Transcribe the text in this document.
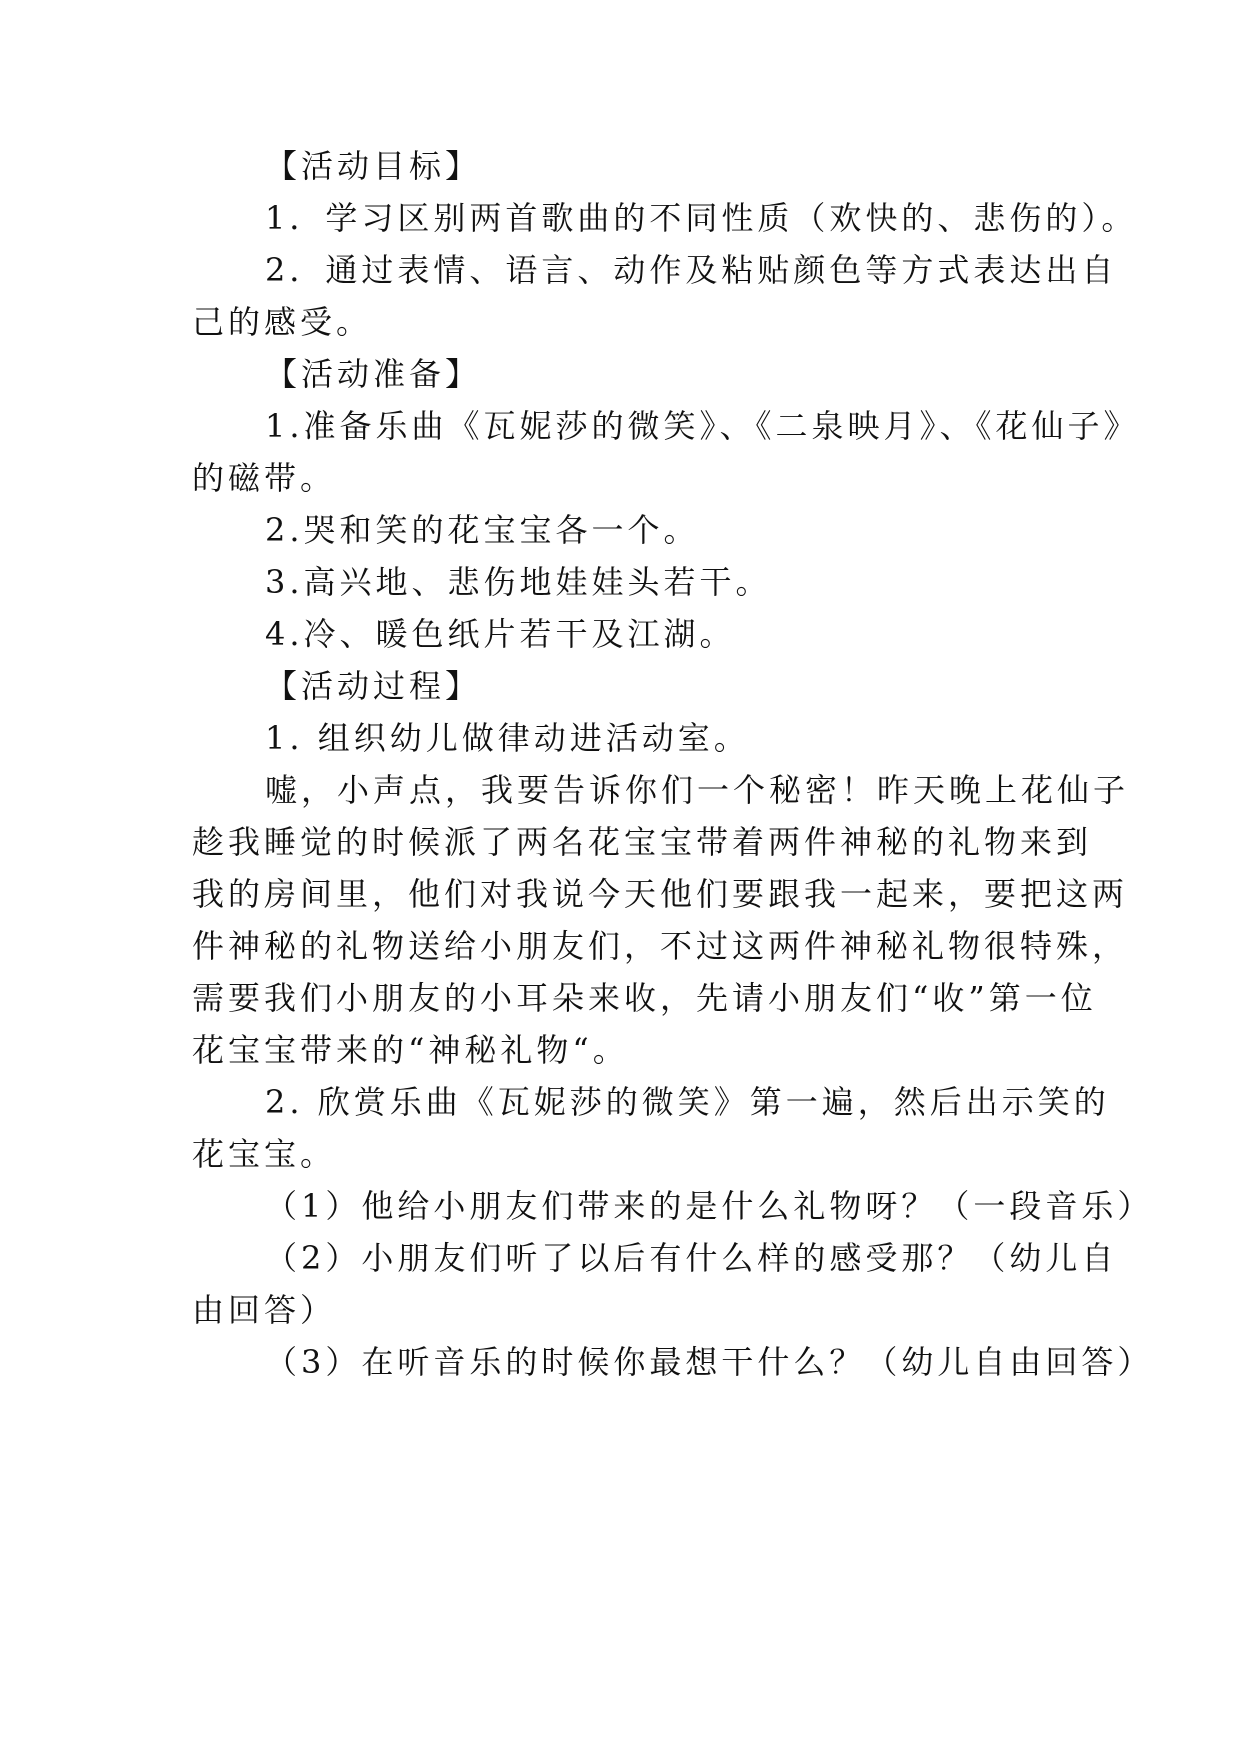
【活动目标】
1．学习区别两首歌曲的不同性质（欢快的、悲伤的）。
2．通过表情、语言、动作及粘贴颜色等方式表达出自
己的感受。
【活动准备】
1.准备乐曲《瓦妮莎的微笑》、《二泉映月》、《花仙子》
的磁带。
2.哭和笑的花宝宝各一个。
3.高兴地、悲伤地娃娃头若干。
4.冷、暖色纸片若干及江湖。
【活动过程】
1. 组织幼儿做律动进活动室。
嘘，小声点，我要告诉你们一个秘密！昨天晚上花仙子
趁我睡觉的时候派了两名花宝宝带着两件神秘的礼物来到
我的房间里，他们对我说今天他们要跟我一起来，要把这两
件神秘的礼物送给小朋友们，不过这两件神秘礼物很特殊，
需要我们小朋友的小耳朵来收，先请小朋友们“收”第一位
花宝宝带来的“神秘礼物“。
2. 欣赏乐曲《瓦妮莎的微笑》第一遍，然后出示笑的
花宝宝。
（1）他给小朋友们带来的是什么礼物呀？（一段音乐）
（2）小朋友们听了以后有什么样的感受那？（幼儿自
由回答）
（3）在听音乐的时候你最想干什么？（幼儿自由回答）
